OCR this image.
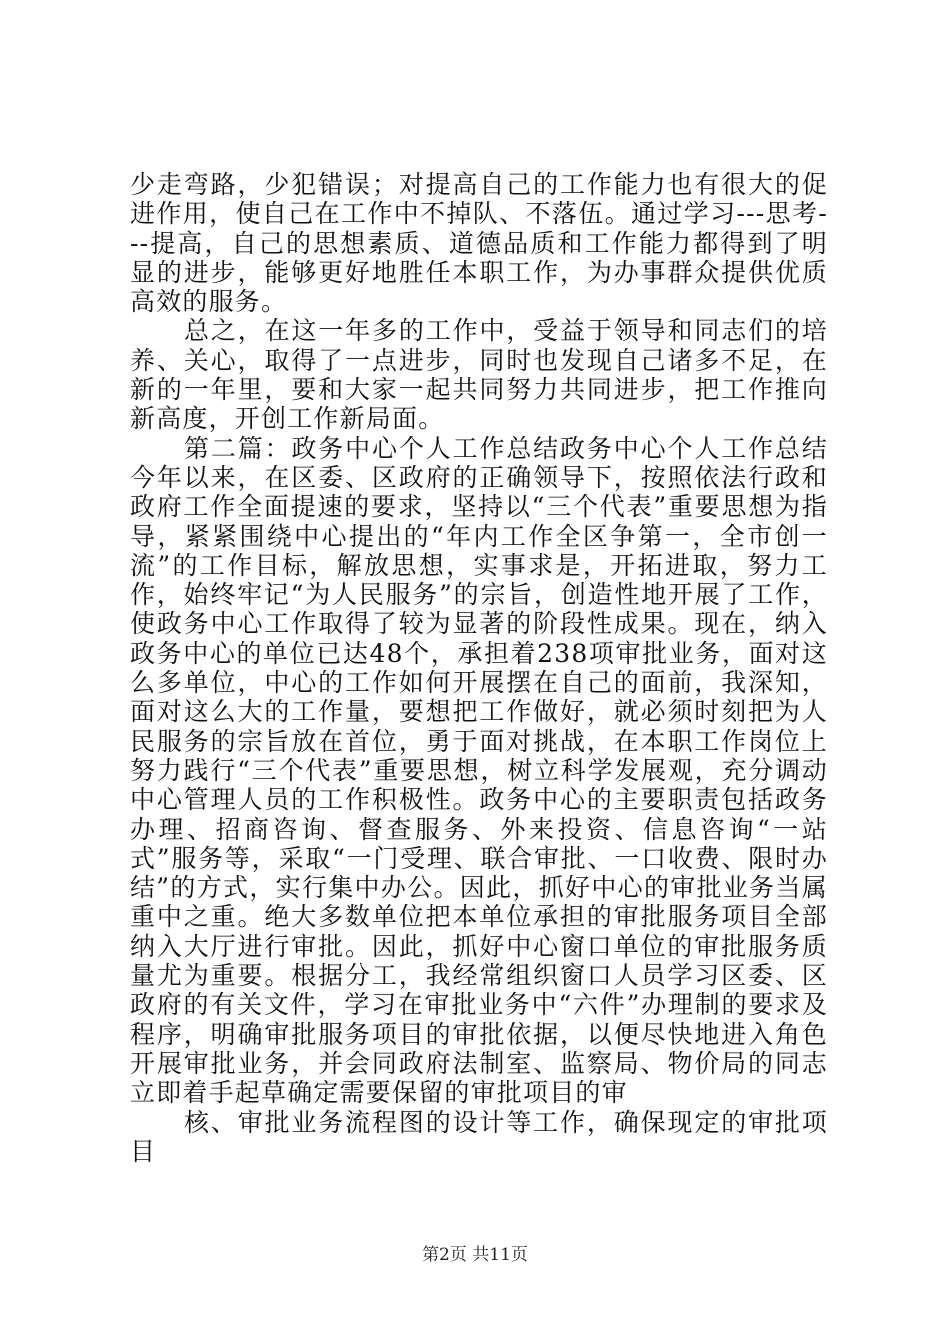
少走弯路，少犯错误；对提高自己的工作能力也有很大的促进作用，使自己在工作中不掉队、不落伍。通过学习---思考---提高，自己的思想素质、道德品质和工作能力都得到了明显的进步，能够更好地胜任本职工作，为办事群众提供优质高效的服务。

总之，在这一年多的工作中，受益于领导和同志们的培养、关心，取得了一点进步，同时也发现自己诸多不足，在新的一年里，要和大家一起共同努力共同进步，把工作推向新高度，开创工作新局面。

第二篇：政务中心个人工作总结政务中心个人工作总结今年以来，在区委、区政府的正确领导下，按照依法行政和政府工作全面提速的要求，坚持以“三个代表”重要思想为指导，紧紧围绕中心提出的“年内工作全区争第一，全市创一流”的工作目标，解放思想，实事求是，开拓进取，努力工作，始终牢记“为人民服务”的宗旨，创造性地开展了工作，使政务中心工作取得了较为显著的阶段性成果。现在，纳入政务中心的单位已达48个，承担着238项审批业务，面对这么多单位，中心的工作如何开展摆在自己的面前，我深知，面对这么大的工作量，要想把工作做好，就必须时刻把为人民服务的宗旨放在首位，勇于面对挑战，在本职工作岗位上努力践行“三个代表”重要思想，树立科学发展观，充分调动中心管理人员的工作积极性。政务中心的主要职责包括政务办理、招商咨询、督查服务、外来投资、信息咨询“一站式”服务等，采取“一门受理、联合审批、一口收费、限时办结”的方式，实行集中办公。因此，抓好中心的审批业务当属重中之重。绝大多数单位把本单位承担的审批服务项目全部纳入大厅进行审批。因此，抓好中心窗口单位的审批服务质量尤为重要。根据分工，我经常组织窗口人员学习区委、区政府的有关文件，学习在审批业务中“六件”办理制的要求及程序，明确审批服务项目的审批依据，以便尽快地进入角色开展审批业务，并会同政府法制室、监察局、物价局的同志立即着手起草确定需要保留的审批项目的审

核、审批业务流程图的设计等工作，确保现定的审批项目

第2页 共11页
